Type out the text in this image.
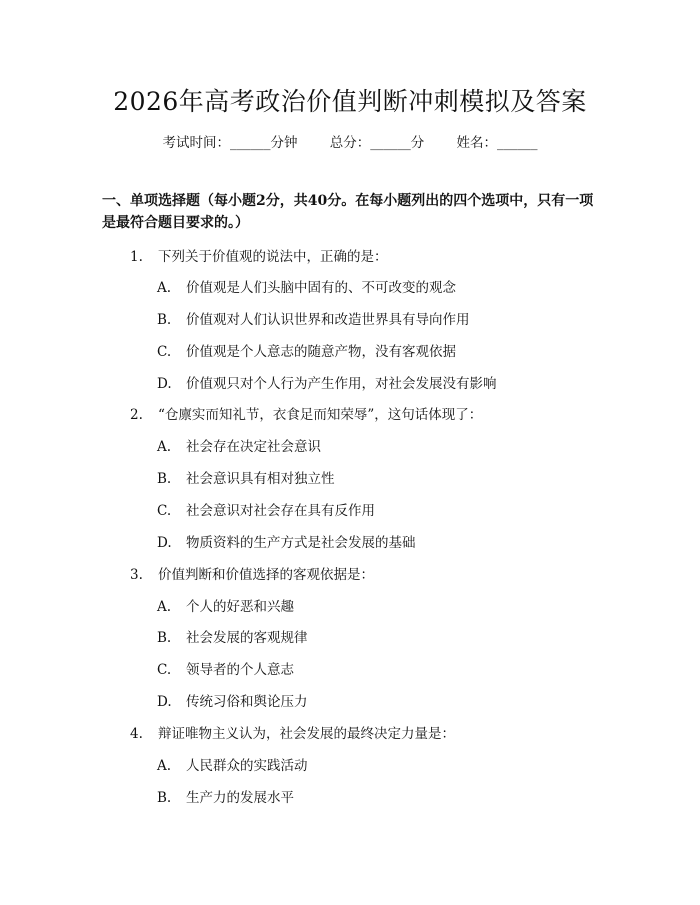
2026年高考政治价值判断冲刺模拟及答案
考试时间：______分钟 总分：______分 姓名：______
一、单项选择题（每小题2分，共40分。在每小题列出的四个选项中，只有一项是最符合题目要求的。）
1. 下列关于价值观的说法中，正确的是：
A. 价值观是人们头脑中固有的、不可改变的观念
B. 价值观对人们认识世界和改造世界具有导向作用
C. 价值观是个人意志的随意产物，没有客观依据
D. 价值观只对个人行为产生作用，对社会发展没有影响
2. “仓廪实而知礼节，衣食足而知荣辱”，这句话体现了：
A. 社会存在决定社会意识
B. 社会意识具有相对独立性
C. 社会意识对社会存在具有反作用
D. 物质资料的生产方式是社会发展的基础
3. 价值判断和价值选择的客观依据是：
A. 个人的好恶和兴趣
B. 社会发展的客观规律
C. 领导者的个人意志
D. 传统习俗和舆论压力
4. 辩证唯物主义认为，社会发展的最终决定力量是：
A. 人民群众的实践活动
B. 生产力的发展水平
